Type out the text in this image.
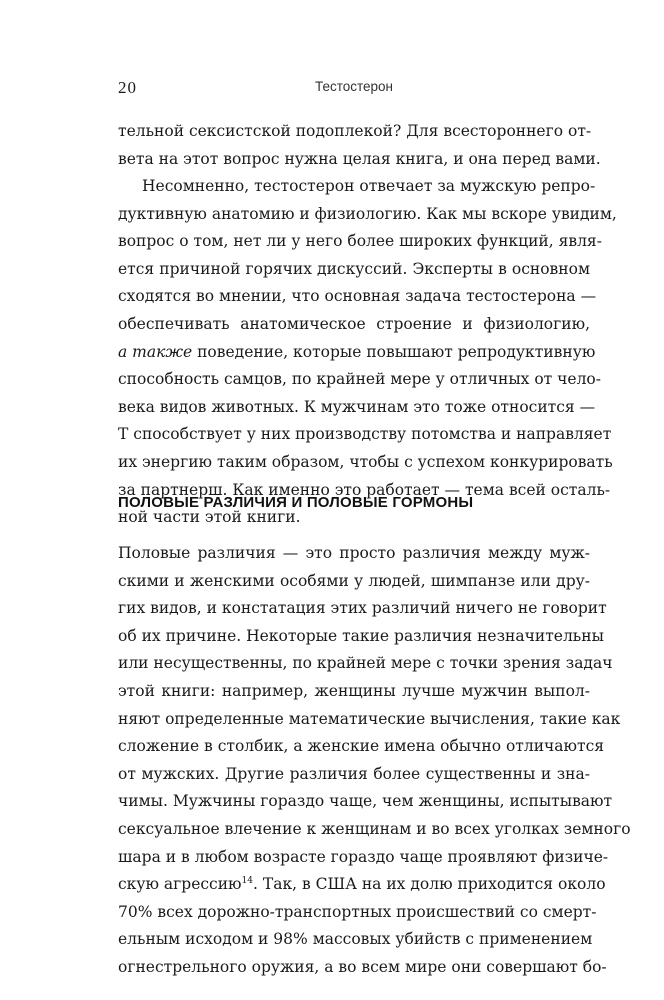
20	Тестостерон
тельной сексистской подоплекой? Для всестороннего от-
вета на этот вопрос нужна целая книга, и она перед вами.
Несомненно, тестостерон отвечает за мужскую репро-
дуктивную анатомию и физиологию. Как мы вскоре увидим,
вопрос о том, нет ли у него более широких функций, явля-
ется причиной горячих дискуссий. Эксперты в основном
сходятся во мнении, что основная задача тестостерона —
обеспечивать анатомическое строение и физиологию,
а также поведение, которые повышают репродуктивную
способность самцов, по крайней мере у отличных от чело-
века видов животных. К мужчинам это тоже относится —
Т способствует у них производству потомства и направляет
их энергию таким образом, чтобы с успехом конкурировать
за партнерш. Как именно это работает — тема всей осталь-
ной части этой книги.
ПОЛОВЫЕ РАЗЛИЧИЯ И ПОЛОВЫЕ ГОРМОНЫ
Половые различия — это просто различия между муж-
скими и женскими особями у людей, шимпанзе или дру-
гих видов, и констатация этих различий ничего не говорит
об их причине. Некоторые такие различия незначительны
или несущественны, по крайней мере с точки зрения задач
этой книги: например, женщины лучше мужчин выпол-
няют определенные математические вычисления, такие как
сложение в столбик, а женские имена обычно отличаются
от мужских. Другие различия более существенны и зна-
чимы. Мужчины гораздо чаще, чем женщины, испытывают
сексуальное влечение к женщинам и во всех уголках земного
шара и в любом возрасте гораздо чаще проявляют физиче-
скую агрессию$^{14}$. Так, в США на их долю приходится около
70% всех дорожно-транспортных происшествий со смерт-
ельным исходом и 98% массовых убийств с применением
огнестрельного оружия, а во всем мире они совершают бо-
